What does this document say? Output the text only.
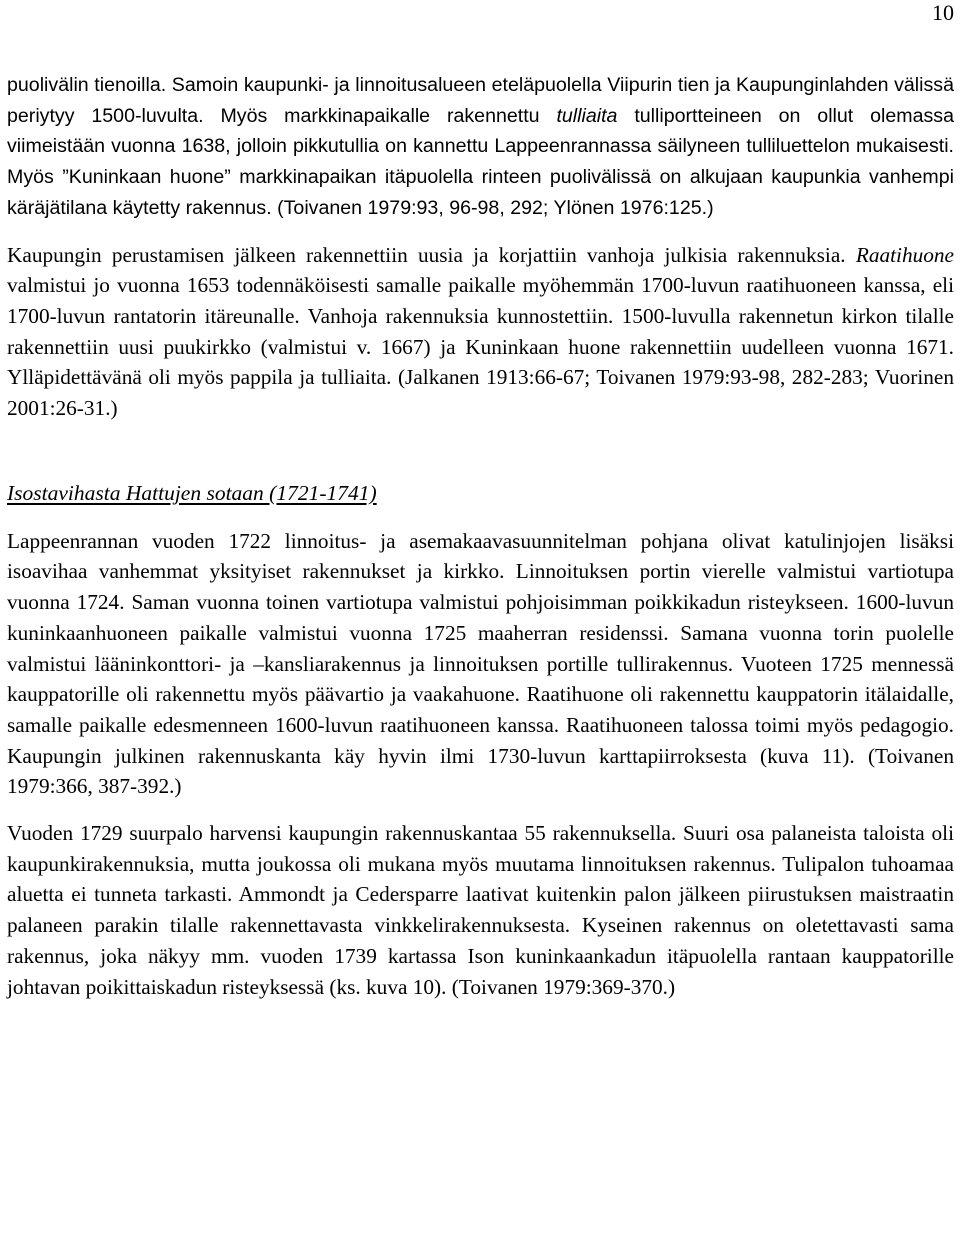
10

puolivälin tienoilla. Samoin kaupunki- ja linnoitusalueen eteläpuolella Viipurin tien ja Kaupunginlahden välissä periytyy 1500-luvulta. Myös markkinapaikalle rakennettu tulliaita tulliportteineen on ollut olemassa viimeistään vuonna 1638, jolloin pikkutullia on kannettu Lappeenrannassa säilyneen tulliluettelon mukaisesti. Myös ”Kuninkaan huone” markkinapaikan itäpuolella rinteen puolivälissä on alkujaan kaupunkia vanhempi käräjätilana käytetty rakennus. (Toivanen 1979:93, 96-98, 292; Ylönen 1976:125.)

Kaupungin perustamisen jälkeen rakennettiin uusia ja korjattiin vanhoja julkisia rakennuksia. Raatihuone valmistui jo vuonna 1653 todennäköisesti samalle paikalle myöhemmän 1700-luvun raatihuoneen kanssa, eli 1700-luvun rantatorin itäreunalle. Vanhoja rakennuksia kunnostettiin. 1500-luvulla rakennetun kirkon tilalle rakennettiin uusi puukirkko (valmistui v. 1667) ja Kuninkaan huone rakennettiin uudelleen vuonna 1671. Ylläpidettävänä oli myös pappila ja tulliaita. (Jalkanen 1913:66-67; Toivanen 1979:93-98, 282-283; Vuorinen 2001:26-31.)

Isostavihasta Hattujen sotaan (1721-1741)

Lappeenrannan vuoden 1722 linnoitus- ja asemakaavasuunnitelman pohjana olivat katulinjojen lisäksi isoavihaa vanhemmat yksityiset rakennukset ja kirkko. Linnoituksen portin vierelle valmistui vartiotupa vuonna 1724. Saman vuonna toinen vartiotupa valmistui pohjoisimman poikkikadun risteykseen. 1600-luvun kuninkaanhuoneen paikalle valmistui vuonna 1725 maaherran residenssi. Samana vuonna torin puolelle valmistui lääninkonttori- ja –kansliarakennus ja linnoituksen portille tullirakennus. Vuoteen 1725 mennessä kauppatorille oli rakennettu myös päävartio ja vaakahuone. Raatihuone oli rakennettu kauppatorin itälaidalle, samalle paikalle edesmenneen 1600-luvun raatihuoneen kanssa. Raatihuoneen talossa toimi myös pedagogio. Kaupungin julkinen rakennuskanta käy hyvin ilmi 1730-luvun karttapiirroksesta (kuva 11). (Toivanen 1979:366, 387-392.)

Vuoden 1729 suurpalo harvensi kaupungin rakennuskantaa 55 rakennuksella. Suuri osa palaneista taloista oli kaupunkirakennuksia, mutta joukossa oli mukana myös muutama linnoituksen rakennus. Tulipalon tuhoamaa aluetta ei tunneta tarkasti. Ammondt ja Cedersparre laativat kuitenkin palon jälkeen piirustuksen maistraatin palaneen parakin tilalle rakennettavasta vinkkelirakennuksesta. Kyseinen rakennus on oletettavasti sama rakennus, joka näkyy mm. vuoden 1739 kartassa Ison kuninkaankadun itäpuolella rantaan kauppatorille johtavan poikittaiskadun risteyksessä (ks. kuva 10). (Toivanen 1979:369-370.)
